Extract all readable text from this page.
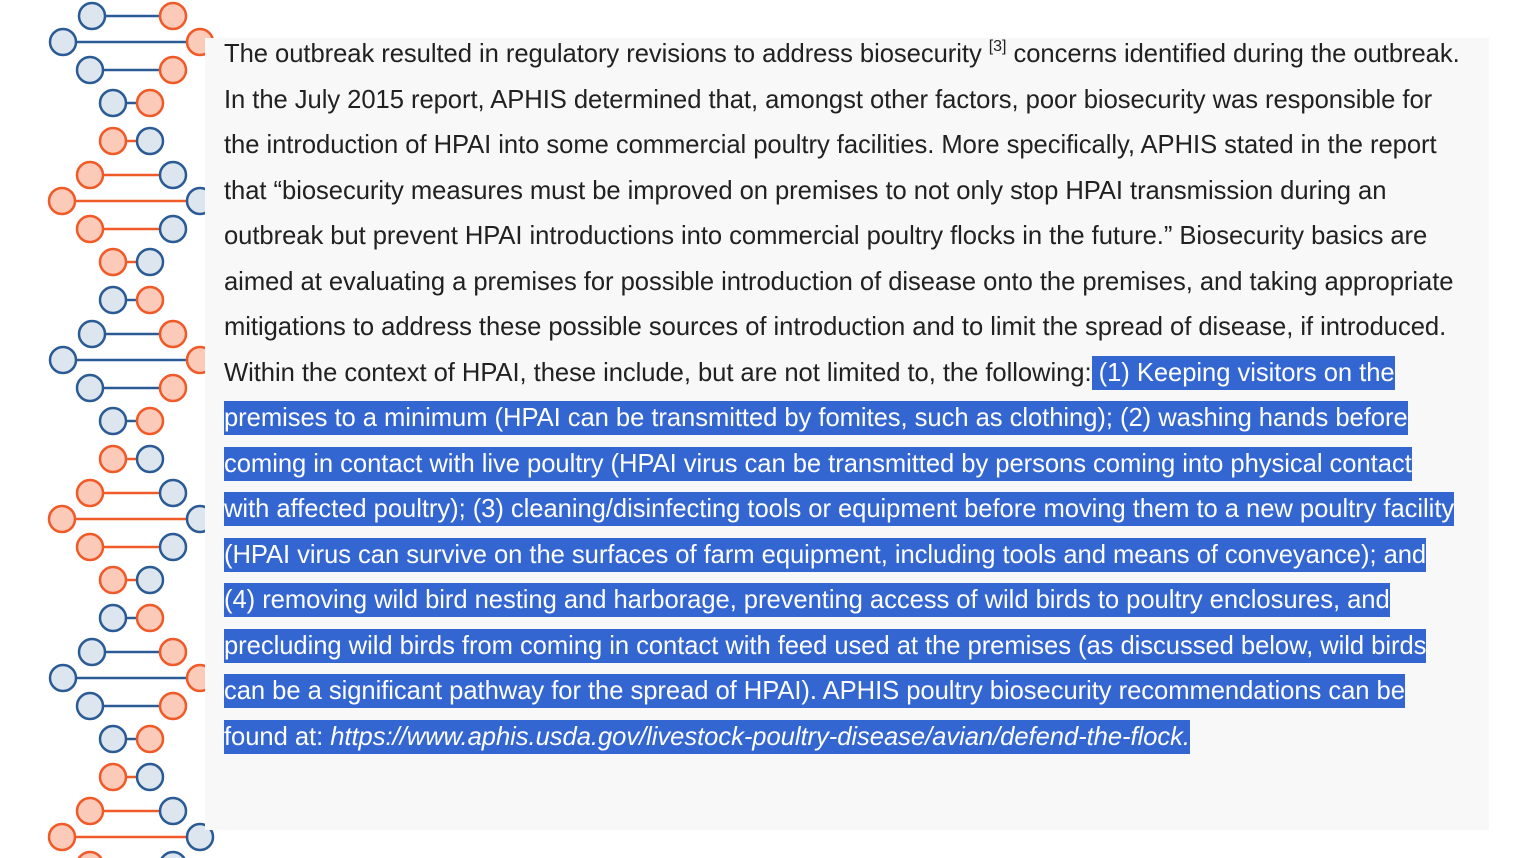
The outbreak resulted in regulatory revisions to address biosecurity [3] concerns identified during the outbreak. In the July 2015 report, APHIS determined that, amongst other factors, poor biosecurity was responsible for the introduction of HPAI into some commercial poultry facilities. More specifically, APHIS stated in the report that “biosecurity measures must be improved on premises to not only stop HPAI transmission during an outbreak but prevent HPAI introductions into commercial poultry flocks in the future.” Biosecurity basics are aimed at evaluating a premises for possible introduction of disease onto the premises, and taking appropriate mitigations to address these possible sources of introduction and to limit the spread of disease, if introduced. Within the context of HPAI, these include, but are not limited to, the following: (1) Keeping visitors on the premises to a minimum (HPAI can be transmitted by fomites, such as clothing); (2) washing hands before coming in contact with live poultry (HPAI virus can be transmitted by persons coming into physical contact with affected poultry); (3) cleaning/disinfecting tools or equipment before moving them to a new poultry facility (HPAI virus can survive on the surfaces of farm equipment, including tools and means of conveyance); and (4) removing wild bird nesting and harborage, preventing access of wild birds to poultry enclosures, and precluding wild birds from coming in contact with feed used at the premises (as discussed below, wild birds can be a significant pathway for the spread of HPAI). APHIS poultry biosecurity recommendations can be found at: https://www.aphis.usda.gov/livestock-poultry-disease/avian/defend-the-flock.
